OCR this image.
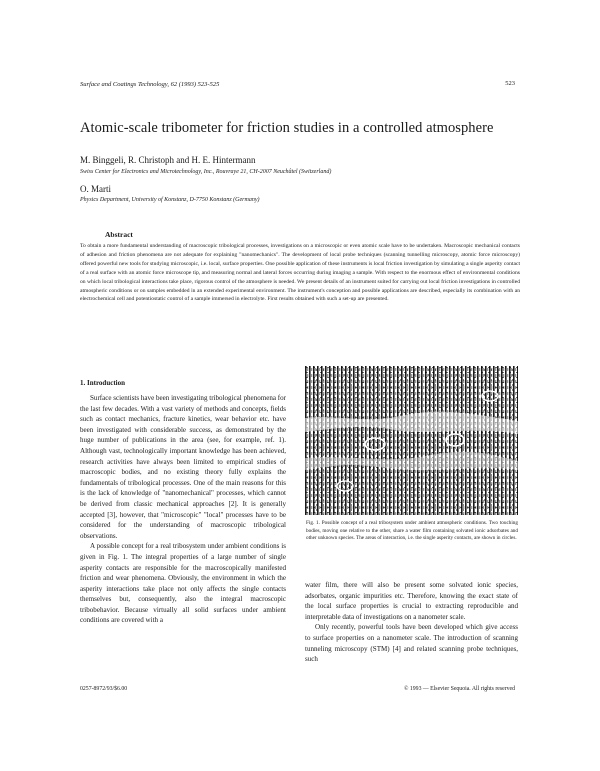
Surface and Coatings Technology, 62 (1993) 523-525	523
Atomic-scale tribometer for friction studies in a controlled atmosphere
M. Binggeli, R. Christoph and H. E. Hintermann
Swiss Center for Electronics and Microtechnology, Inc., Rouvraye 21, CH-2007 Neuchâtel (Switzerland)
O. Marti
Physics Department, University of Konstanz, D-7750 Konstanz (Germany)
Abstract
To obtain a more fundamental understanding of macroscopic tribological processes, investigations on a microscopic or even atomic scale have to be undertaken. Macroscopic mechanical contacts of adhesion and friction phenomena are not adequate for explaining "nanomechanics". The development of local probe techniques (scanning tunnelling microscopy, atomic force microscopy) offered powerful new tools for studying microscopic, i.e. local, surface properties. One possible application of these instruments is local friction investigation by simulating a single asperity contact of a real surface with an atomic force microscope tip, and measuring normal and lateral forces occurring during imaging a sample. With respect to the enormous effect of environmental conditions on which local tribological interactions take place, rigorous control of the atmosphere is needed. We present details of an instrument suited for carrying out local friction investigations in controlled atmospheric conditions or on samples embedded in an extended experimental environment. The instrument's conception and possible applications are described, especially its combination with an electrochemical cell and potentiostatic control of a sample immersed in electrolyte. First results obtained with such a set-up are presented.
1. Introduction

Surface scientists have been investigating tribological phenomena for the last few decades. With a vast variety of methods and concepts, fields such as contact mechanics, fracture kinetics, wear behavior etc. have been investigated with considerable success, as demonstrated by the huge number of publications in the area (see, for example, ref. 1). Although vast, technologically important knowledge has been achieved, research activities have always been limited to empirical studies of macroscopic bodies, and no existing theory fully explains the fundamentals of tribological processes. One of the main reasons for this is the lack of knowledge of "nanomechanical" processes, which cannot be derived from classic mechanical approaches [2]. It is generally accepted [3], however, that "microscopic" "local" processes have to be considered for the understanding of macroscopic tribological observations.

A possible concept for a real tribosystem under ambient conditions is given in Fig. 1. The integral properties of a large number of single asperity contacts are responsible for the macroscopically manifested friction and wear phenomena. Obviously, the environment in which the asperity interactions take place not only affects the single contacts themselves but, consequently, also the integral macroscopic tribobehavior. Because virtually all solid surfaces under ambient conditions are covered with a

Fig. 1. Possible concept of a real tribosystem under ambient atmospheric conditions. Two touching bodies, moving one relative to the other, share a water film containing solvated ionic adsorbates and other unknown species. The areas of interaction, i.e. the single asperity contacts, are shown in circles.

water film, there will also be present some solvated ionic species, adsorbates, organic impurities etc. Therefore, knowing the exact state of the local surface properties is crucial to extracting reproducible and interpretable data of investigations on a nanometer scale.

Only recently, powerful tools have been developed which give access to surface properties on a nanometer scale. The introduction of scanning tunneling microscopy (STM) [4] and related scanning probe techniques, such

0257-8972/93/$6.00	© 1993 — Elsevier Sequoia. All rights reserved
